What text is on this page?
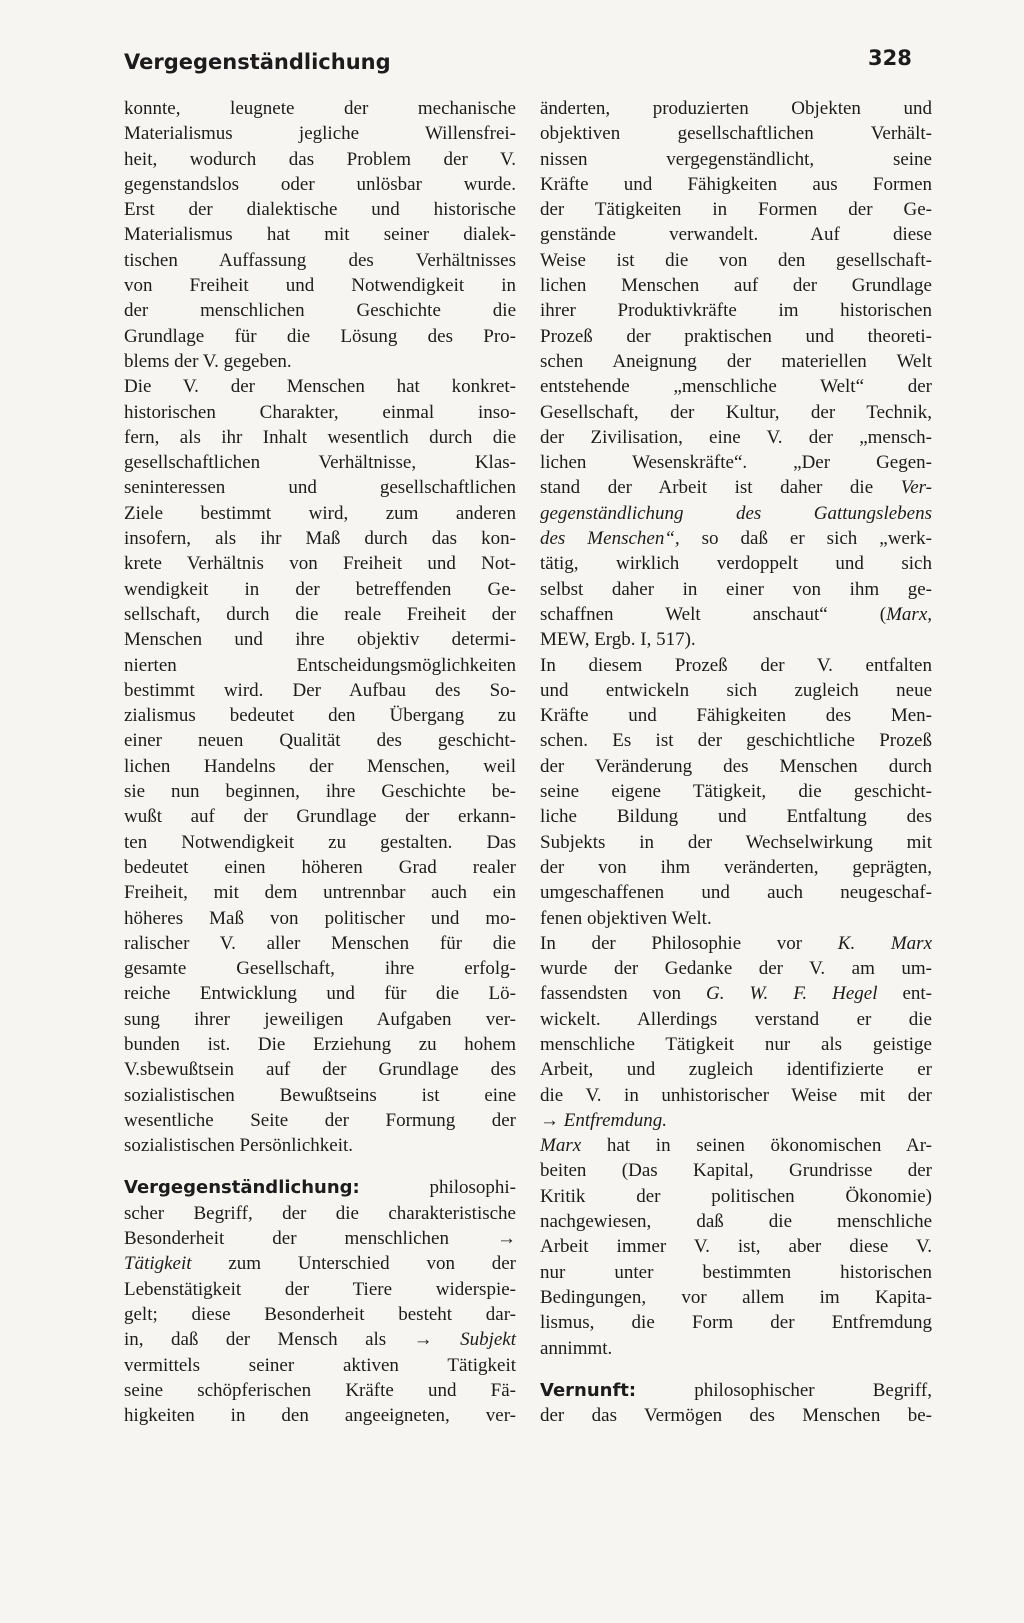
Vergegenständlichung	328
konnte, leugnete der mechanische
Materialismus jegliche Willensfrei-
heit, wodurch das Problem der V.
gegenstandslos oder unlösbar wurde.
Erst der dialektische und historische
Materialismus hat mit seiner dialek-
tischen Auffassung des Verhältnisses
von Freiheit und Notwendigkeit in
der menschlichen Geschichte die
Grundlage für die Lösung des Pro-
blems der V. gegeben.
Die V. der Menschen hat konkret-
historischen Charakter, einmal inso-
fern, als ihr Inhalt wesentlich durch die
gesellschaftlichen Verhältnisse, Klas-
seninteressen und gesellschaftlichen
Ziele bestimmt wird, zum anderen
insofern, als ihr Maß durch das kon-
krete Verhältnis von Freiheit und Not-
wendigkeit in der betreffenden Ge-
sellschaft, durch die reale Freiheit der
Menschen und ihre objektiv determi-
nierten Entscheidungsmöglichkeiten
bestimmt wird. Der Aufbau des So-
zialismus bedeutet den Übergang zu
einer neuen Qualität des geschicht-
lichen Handelns der Menschen, weil
sie nun beginnen, ihre Geschichte be-
wußt auf der Grundlage der erkann-
ten Notwendigkeit zu gestalten. Das
bedeutet einen höheren Grad realer
Freiheit, mit dem untrennbar auch ein
höheres Maß von politischer und mo-
ralischer V. aller Menschen für die
gesamte Gesellschaft, ihre erfolg-
reiche Entwicklung und für die Lö-
sung ihrer jeweiligen Aufgaben ver-
bunden ist. Die Erziehung zu hohem
V.sbewußtsein auf der Grundlage des
sozialistischen Bewußtseins ist eine
wesentliche Seite der Formung der
sozialistischen Persönlichkeit.
Vergegenständlichung: philosophi-
scher Begriff, der die charakteristische
Besonderheit der menschlichen →
Tätigkeit zum Unterschied von der
Lebenstätigkeit der Tiere widerspie-
gelt; diese Besonderheit besteht dar-
in, daß der Mensch als → Subjekt
vermittels seiner aktiven Tätigkeit
seine schöpferischen Kräfte und Fä-
higkeiten in den angeeigneten, ver-
änderten, produzierten Objekten und
objektiven gesellschaftlichen Verhält-
nissen vergegenständlicht, seine
Kräfte und Fähigkeiten aus Formen
der Tätigkeiten in Formen der Ge-
genstände verwandelt. Auf diese
Weise ist die von den gesellschaft-
lichen Menschen auf der Grundlage
ihrer Produktivkräfte im historischen
Prozeß der praktischen und theoreti-
schen Aneignung der materiellen Welt
entstehende „menschliche Welt“ der
Gesellschaft, der Kultur, der Technik,
der Zivilisation, eine V. der „mensch-
lichen Wesenskräfte“. „Der Gegen-
stand der Arbeit ist daher die Ver-
gegenständlichung des Gattungslebens
des Menschen“, so daß er sich „werk-
tätig, wirklich verdoppelt und sich
selbst daher in einer von ihm ge-
schaffnen Welt anschaut“ (Marx,
MEW, Ergb. I, 517).
In diesem Prozeß der V. entfalten
und entwickeln sich zugleich neue
Kräfte und Fähigkeiten des Men-
schen. Es ist der geschichtliche Prozeß
der Veränderung des Menschen durch
seine eigene Tätigkeit, die geschicht-
liche Bildung und Entfaltung des
Subjekts in der Wechselwirkung mit
der von ihm veränderten, geprägten,
umgeschaffenen und auch neugeschaf-
fenen objektiven Welt.
In der Philosophie vor K. Marx
wurde der Gedanke der V. am um-
fassendsten von G. W. F. Hegel ent-
wickelt. Allerdings verstand er die
menschliche Tätigkeit nur als geistige
Arbeit, und zugleich identifizierte er
die V. in unhistorischer Weise mit der
→ Entfremdung.
Marx hat in seinen ökonomischen Ar-
beiten (Das Kapital, Grundrisse der
Kritik der politischen Ökonomie)
nachgewiesen, daß die menschliche
Arbeit immer V. ist, aber diese V.
nur unter bestimmten historischen
Bedingungen, vor allem im Kapita-
lismus, die Form der Entfremdung
annimmt.
Vernunft: philosophischer Begriff,
der das Vermögen des Menschen be-
